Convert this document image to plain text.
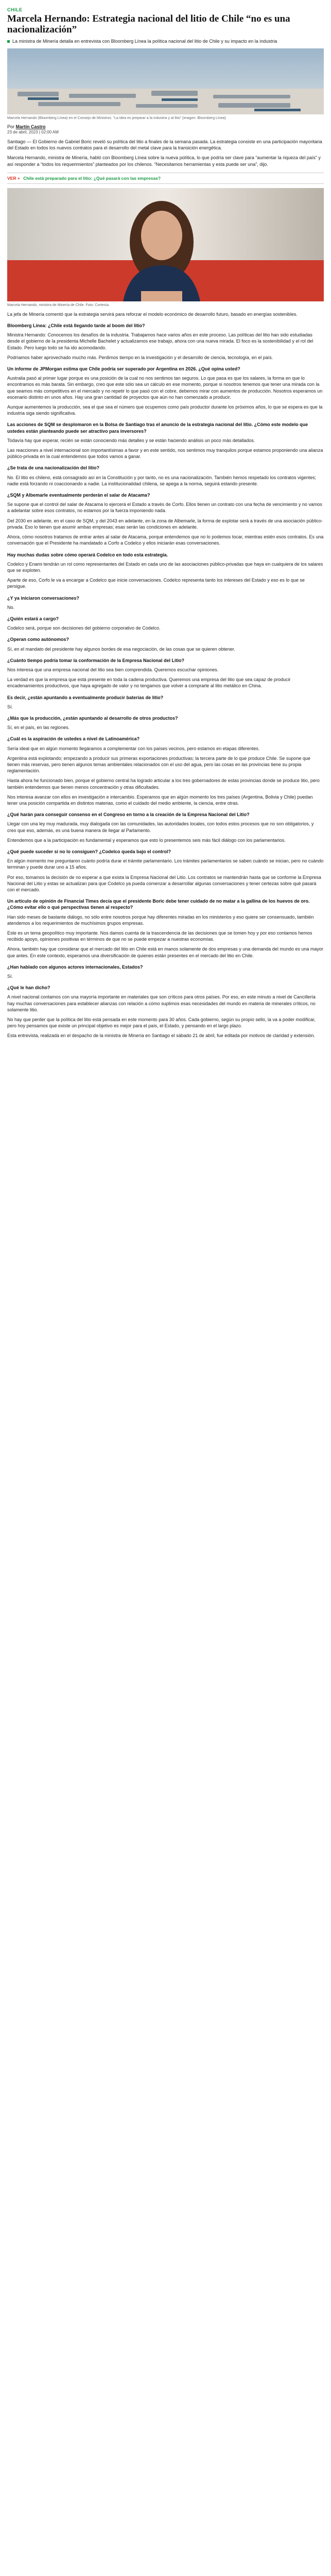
CHILE
Marcela Hernando: Estrategia nacional del litio de Chile “no es una nacionalización”
La ministra de Minería detalla en entrevista con Bloomberg Línea la política nacional del litio de Chile y su impacto en la industria
Marcela Hernando (Bloomberg Línea) en el Consejo de Ministros. “La idea es preparar a la industria y al litio” (imagen: Bloomberg Línea)
Por Martín Castro
23 de abril, 2023 | 02:00 AM

Santiago — El Gobierno de Gabriel Boric reveló su política del litio a finales de la semana pasada. La estrategia consiste en una participación mayoritaria del Estado en todos los nuevos contratos para el desarrollo del metal clave para la transición energética.

Marcela Hernando, ministra de Minería, habló con Bloomberg Línea sobre la nueva política, lo que podría ser clave para “aumentar la riqueza del país” y así responder a “todos los requerimientos” planteados por los chilenos. “Necesitamos herramientas y esta puede ser una”, dijo.

VER + Chile está preparado para el litio: ¿Qué pasará con las empresas?
Marcela Hernando, ministra de Minería de Chile. Foto: Cortesía.

La jefa de Minería comentó que la estrategia servirá para reforzar el modelo económico de desarrollo futuro, basado en energías sostenibles.

Bloomberg Línea: ¿Chile está llegando tarde al boom del litio?

Ministra Hernando: Conocemos los desafíos de la industria. Trabajamos hace varios años en este proceso. Las políticas del litio han sido estudiadas desde el gobierno de la presidenta Michelle Bachelet y actualizamos ese trabajo, ahora con una nueva mirada. El foco es la sostenibilidad y el rol del Estado. Pero luego todo se ha ido acomodando.

Podríamos haber aprovechado mucho más. Perdimos tiempo en la investigación y el desarrollo de ciencia, tecnología, en el país.

Un informe de JPMorgan estima que Chile podría ser superado por Argentina en 2026. ¿Qué opina usted?

Australia pasó al primer lugar porque es una posición de la cual no nos sentimos tan seguros. Lo que pasa es que los salares, la forma en que lo encontramos es más barata. Sin embargo, creo que este sólo sea un cálculo en ese momento, porque si nosotros tenemos que tener una mirada con la que seamos más competitivos en el mercado y no repetir lo que pasó con el cobre, debemos mirar con aumentos de producción. Nosotros esperamos un escenario distinto en unos años. Hay una gran cantidad de proyectos que aún no han comenzado a producir.

Aunque aumentemos la producción, sea el que sea el número que ocupemos como país productor durante los próximos años, lo que se espera es que la industria siga siendo significativa.

Las acciones de SQM se desplomaron en la Bolsa de Santiago tras el anuncio de la estrategia nacional del litio. ¿Cómo este modelo que ustedes están planteando puede ser atractivo para inversores?

Todavía hay que esperar, recién se están conociendo más detalles y se están haciendo análisis un poco más detallados.

Las reacciones a nivel internacional son importantísimas a favor y en este sentido, nos sentimos muy tranquilos porque estamos proponiendo una alianza público-privada en la cual entendemos que todos vamos a ganar.

¿Se trata de una nacionalización del litio?

No. El litio es chileno, está consagrado así en la Constitución y por tanto, no es una nacionalización. También hemos respetado los contratos vigentes; nadie está forzando ni coaccionando a nadie. La institucionalidad chilena, se apega a la norma, seguirá estando presente.

¿SQM y Albemarle eventualmente perderán el salar de Atacama?

Se supone que el control del salar de Atacama lo ejercerá el Estado a través de Corfo. Ellos tienen un contrato con una fecha de vencimiento y no vamos a adelantar sobre esos contratos, no estamos por la fuerza imponiendo nada.

Del 2030 en adelante, en el caso de SQM, y del 2043 en adelante, en la zona de Albemarle, la forma de explotar será a través de una asociación público-privada. Eso lo tienen que asumir ambas empresas; esas serán las condiciones en adelante.

Ahora, cómo nosotros tratamos de entrar antes al salar de Atacama, porque entendemos que no lo podemos tocar, mientras estén esos contratos. Es una conversación que el Presidente ha mandatado a Corfo a Codelco y ellos iniciarán esas conversaciones.

Hay muchas dudas sobre cómo operará Codelco en todo esta estrategia.

Codelco y Enami tendrán un rol como representantes del Estado en cada uno de las asociaciones público-privadas que haya en cualquiera de los salares que se exploten.

Aparte de eso, Corfo le va a encargar a Codelco que inicie conversaciones. Codelco representa tanto los intereses del Estado y eso es lo que se persigue.

¿Y ya iniciaron conversaciones?

No.

¿Quién estará a cargo?

Codelco será, porque son decisiones del gobierno corporativo de Codelco.

¿Operan como autónomos?

Sí, en el mandato del presidente hay algunos bordes de esa negociación, de las cosas que se quieren obtener.

¿Cuánto tiempo podría tomar la conformación de la Empresa Nacional del Litio?

Nos interesa que una empresa nacional del litio sea bien comprendida. Queremos escuchar opiniones.

La verdad es que la empresa que está presente en toda la cadena productiva. Queremos una empresa del litio que sea capaz de producir encadenamientos productivos, que haya agregado de valor y no tengamos que volver a comprarle al litio metálico en China.

Es decir, ¿están apuntando a eventualmente producir baterías de litio?

Sí.

¿Más que la producción, ¿están apuntando al desarrollo de otros productos?

Sí, en el país, en las regiones.

¿Cuál es la aspiración de ustedes a nivel de Latinoamérica?

Sería ideal que en algún momento llegáramos a complementar con los países vecinos, pero estamos en etapas diferentes.

Argentina está explotando; empezando a producir sus primeras exportaciones productivas; la tercera parte de lo que produce Chile. Se supone que tienen más reservas, pero tienen algunos temas ambientales relacionados con el uso del agua, pero las cosas en las provincias tiene su propia reglamentación.

Hasta ahora he funcionado bien, porque el gobierno central ha logrado articular a los tres gobernadores de estas provincias donde se produce litio, pero también entendemos que tienen menos concentración y otras dificultades.

Nos interesa avanzar con ellos en investigación e intercambio. Esperamos que en algún momento los tres países (Argentina, Bolivia y Chile) puedan tener una posición compartida en distintos materias, como el cuidado del medio ambiente, la ciencia, entre otras.

¿Qué harán para conseguir consenso en el Congreso en torno a la creación de la Empresa Nacional del Litio?

Llegar con una ley muy madurada, muy dialogada con las comunidades, las autoridades locales, con todos estos procesos que no son obligatorios, y creo que eso, además, es una buena manera de llegar al Parlamento.

Entendemos que a la participación es fundamental y esperamos que esto lo presentemos seis más fácil diálogo con los parlamentarios.

¿Qué puede suceder si no lo consiguen? ¿Codelco queda bajo el control?

En algún momento me preguntaron cuánto podría durar el trámite parlamentario. Los trámites parlamentarios se saben cuándo se inician, pero no cuándo terminan y puede durar uno a 15 años.

Por eso, tomamos la decisión de no esperar a que exista la Empresa Nacional del Litio. Los contratos se mantendrán hasta que se conforme la Empresa Nacional del Litio y estas se actualizan para que Codelco ya pueda comenzar a desarrollar algunas conversaciones y tener certezas sobre qué pasará con el mercado.

Un artículo de opinión de Financial Times decía que el presidente Boric debe tener cuidado de no matar a la gallina de los huevos de oro. ¿Cómo evitar ello o qué perspectivas tienen al respecto?

Han sido meses de bastante diálogo, no sólo entre nosotros porque hay diferentes miradas en los ministerios y eso quiere ser consensuado, también atendemos a los requerimientos de muchísimos grupos empresas.

Este es un tema geopolítico muy importante. Nos damos cuenta de la trascendencia de las decisiones que se tomen hoy y por eso contamos hemos recibido apoyo, opiniones positivas en términos de que no se puede empezar a nuestras economías.

Ahora, también hay que considerar que el mercado del litio en Chile está en manos solamente de dos empresas y una demanda del mundo es una mayor que antes. En este contexto, esperamos una diversificación de quienes están presentes en el mercado del litio en Chile.

¿Han hablado con algunos actores internacionales, Estados?

Sí.

¿Qué le han dicho?

A nivel nacional contamos con una mayoría importante en materiales que son críticos para otros países. Por eso, en este minuto a nivel de Cancillería hay muchas conversaciones para establecer alianzas con relación a cómo suplimos esas necesidades del mundo en materia de minerales críticos, no solamente litio.

No hay que perder que la política del litio está pensada en este momento para 30 años. Cada gobierno, según su propio sello, la va a poder modificar, pero hoy pensamos que existe un principal objetivo es mejor para el país, el Estado, y pensando en el largo plazo.

Esta entrevista, realizada en el despacho de la ministra de Minería en Santiago el sábado 21 de abril, fue editada por motivos de claridad y extensión.
